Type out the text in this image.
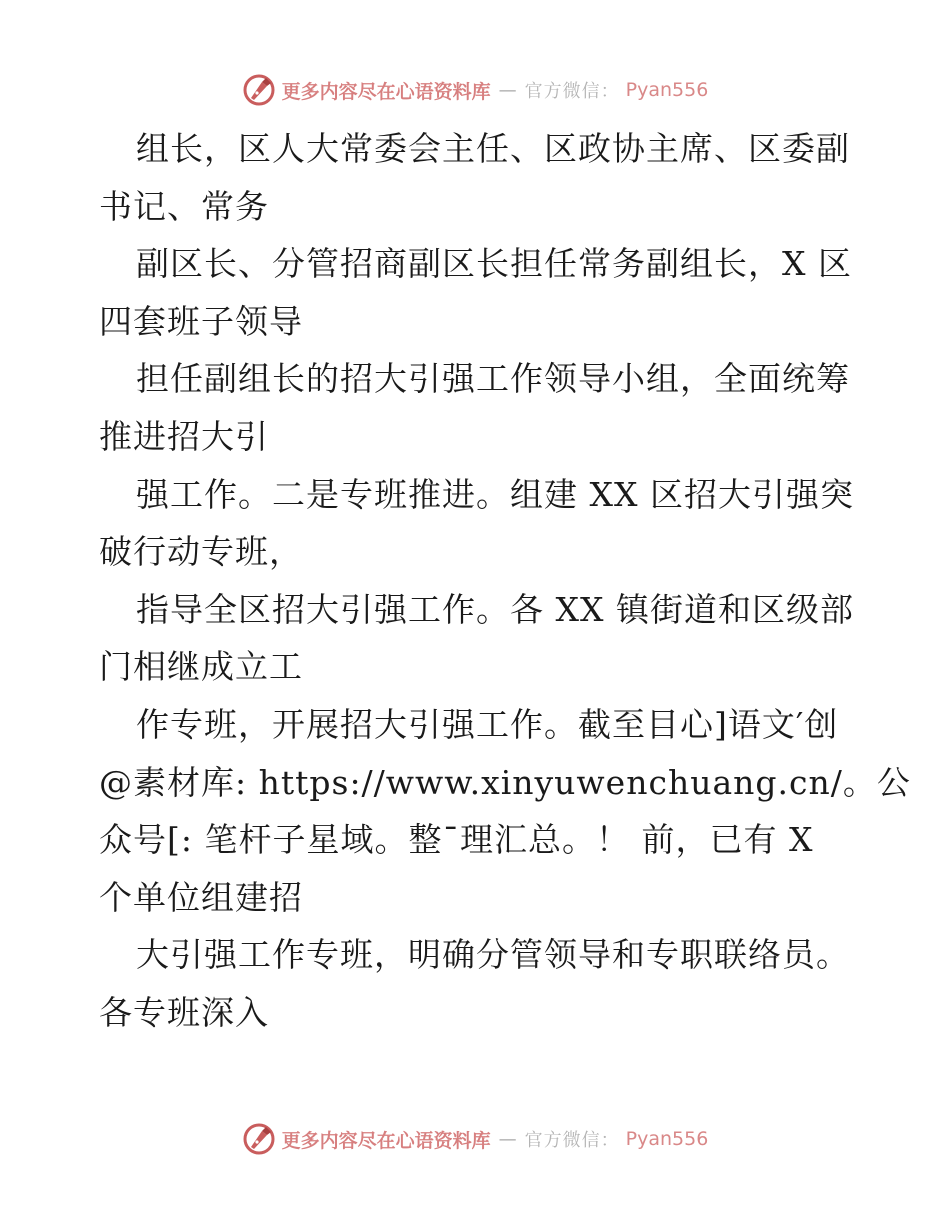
更多内容尽在心语资料库 — 官方微信： Pyan556
组长，区人大常委会主任、区政协主席、区委副
书记、常务
副区长、分管招商副区长担任常务副组长，X 区
四套班子领导
担任副组长的招大引强工作领导小组，全面统筹
推进招大引
强工作。二是专班推进。组建 XX 区招大引强突
破行动专班，
指导全区招大引强工作。各 XX 镇街道和区级部
门相继成立工
作专班，开展招大引强工作。截至目心]语文′创
@素材库: https://www.xinyuwenchuang.cn/。公
众号[: 笔杆子星域。整¯理汇总。！ 前，已有 X
个单位组建招
大引强工作专班，明确分管领导和专职联络员。
各专班深入
更多内容尽在心语资料库 — 官方微信： Pyan556
